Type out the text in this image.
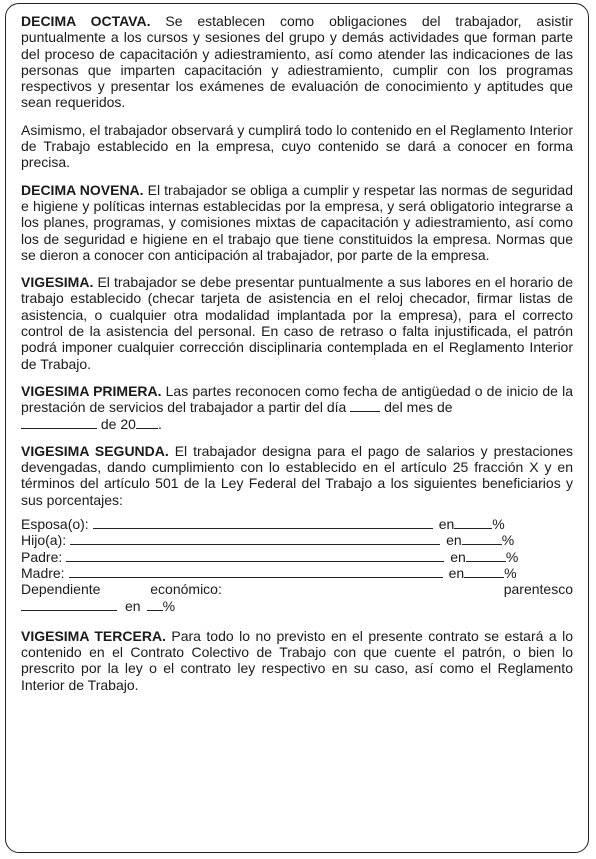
DECIMA OCTAVA. Se establecen como obligaciones del trabajador, asistir puntualmente a los cursos y sesiones del grupo y demás actividades que forman parte del proceso de capacitación y adiestramiento, así como atender las indicaciones de las personas que imparten capacitación y adiestramiento, cumplir con los programas respectivos y presentar los exámenes de evaluación de conocimiento y aptitudes que sean requeridos.

Asimismo, el trabajador observará y cumplirá todo lo contenido en el Reglamento Interior de Trabajo establecido en la empresa, cuyo contenido se dará a conocer en forma precisa.

DECIMA NOVENA. El trabajador se obliga a cumplir y respetar las normas de seguridad e higiene y políticas internas establecidas por la empresa, y será obligatorio integrarse a los planes, programas, y comisiones mixtas de capacitación y adiestramiento, así como los de seguridad e higiene en el trabajo que tiene constituidos la empresa. Normas que se dieron a conocer con anticipación al trabajador, por parte de la empresa.

VIGESIMA. El trabajador se debe presentar puntualmente a sus labores en el horario de trabajo establecido (checar tarjeta de asistencia en el reloj checador, firmar listas de asistencia, o cualquier otra modalidad implantada por la empresa), para el correcto control de la asistencia del personal. En caso de retraso o falta injustificada, el patrón podrá imponer cualquier corrección disciplinaria contemplada en el Reglamento Interior de Trabajo.

VIGESIMA PRIMERA. Las partes reconocen como fecha de antigüedad o de inicio de la prestación de servicios del trabajador a partir del día	del mes de
de 20 .

VIGESIMA SEGUNDA. El trabajador designa para el pago de salarios y prestaciones devengadas, dando cumplimiento con lo establecido en el artículo 25 fracción X y en términos del artículo 501 de la Ley Federal del Trabajo a los siguientes beneficiarios y sus porcentajes:

Esposa(o):	en	%
Hijo(a):	en	%
Padre:	en	%
Madre:	en	%
Dependiente	económico:	parentesco
en %

VIGESIMA TERCERA. Para todo lo no previsto en el presente contrato se estará a lo contenido en el Contrato Colectivo de Trabajo con que cuente el patrón, o bien lo prescrito por la ley o el contrato ley respectivo en su caso, así como el Reglamento Interior de Trabajo.
